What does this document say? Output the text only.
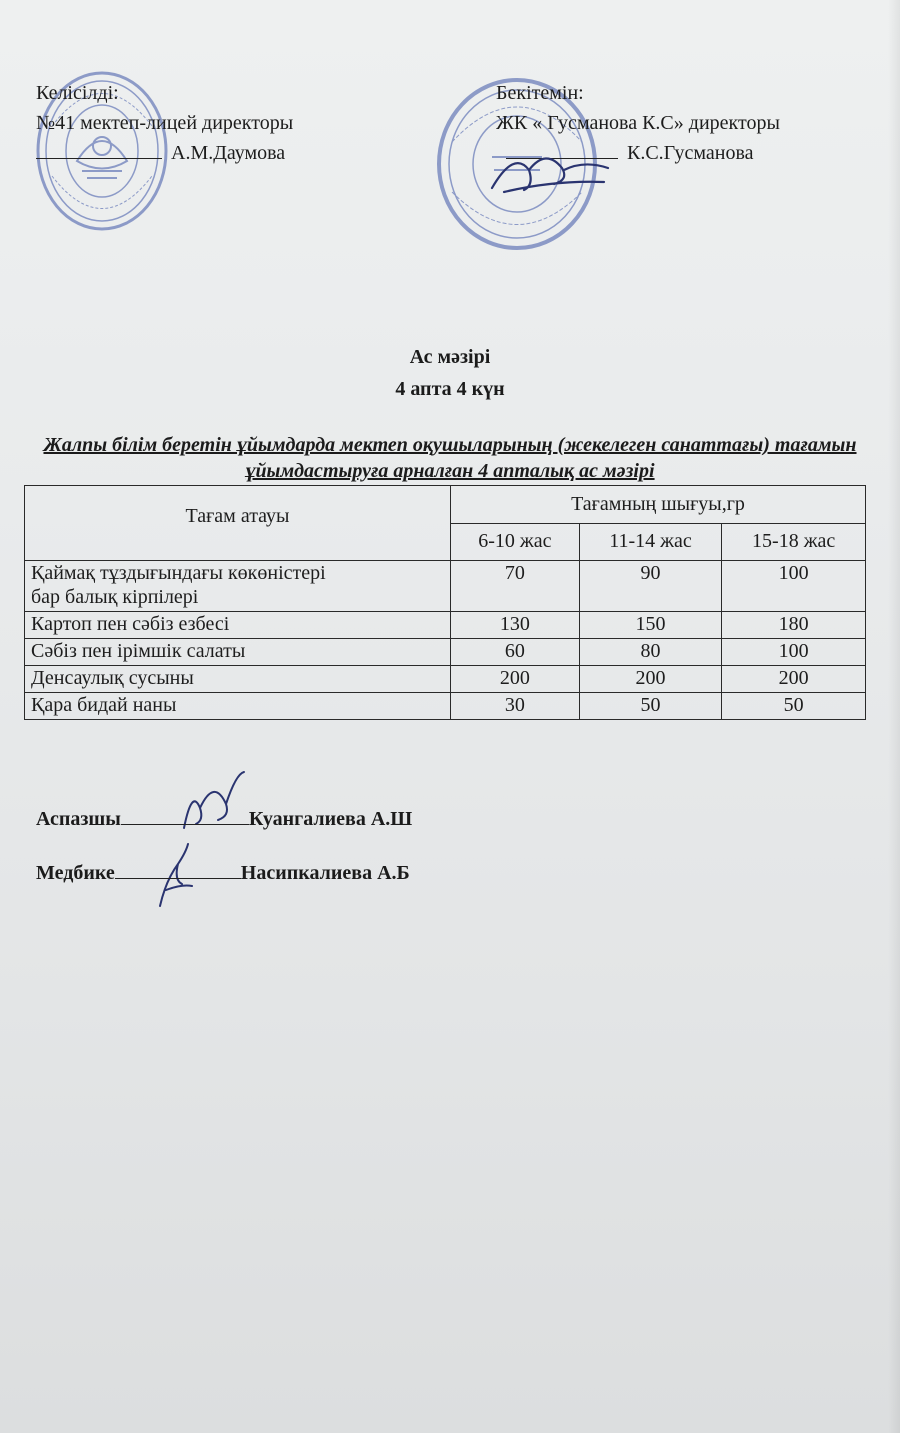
Келісілді:
№41 мектеп-лицей директоры
А.М.Даумова
Бекітемін:
ЖК « Гусманова К.С» директоры
К.С.Гусманова
Ас мәзірі
4 апта 4 күн
Жалпы білім беретін ұйымдарда мектеп оқушыларының (жекелеген санаттағы) тағамын ұйымдастыруға арналған 4 апталық ас мәзірі
Тағам атауы	Тағамның шығуы,гр		
	6-10 жас	11-14 жас	15-18 жас

Қаймақ тұздығындағы көкөністері
бар балық кірпілері	70	90	100
Картоп пен сәбіз езбесі	130	150	180
Сәбіз пен ірімшік салаты	60	80	100
Денсаулық сусыны	200	200	200
Қара бидай наны	30	50	50
Аспазшы	Куангалиева А.Ш
Медбике	Насипкалиева А.Б
